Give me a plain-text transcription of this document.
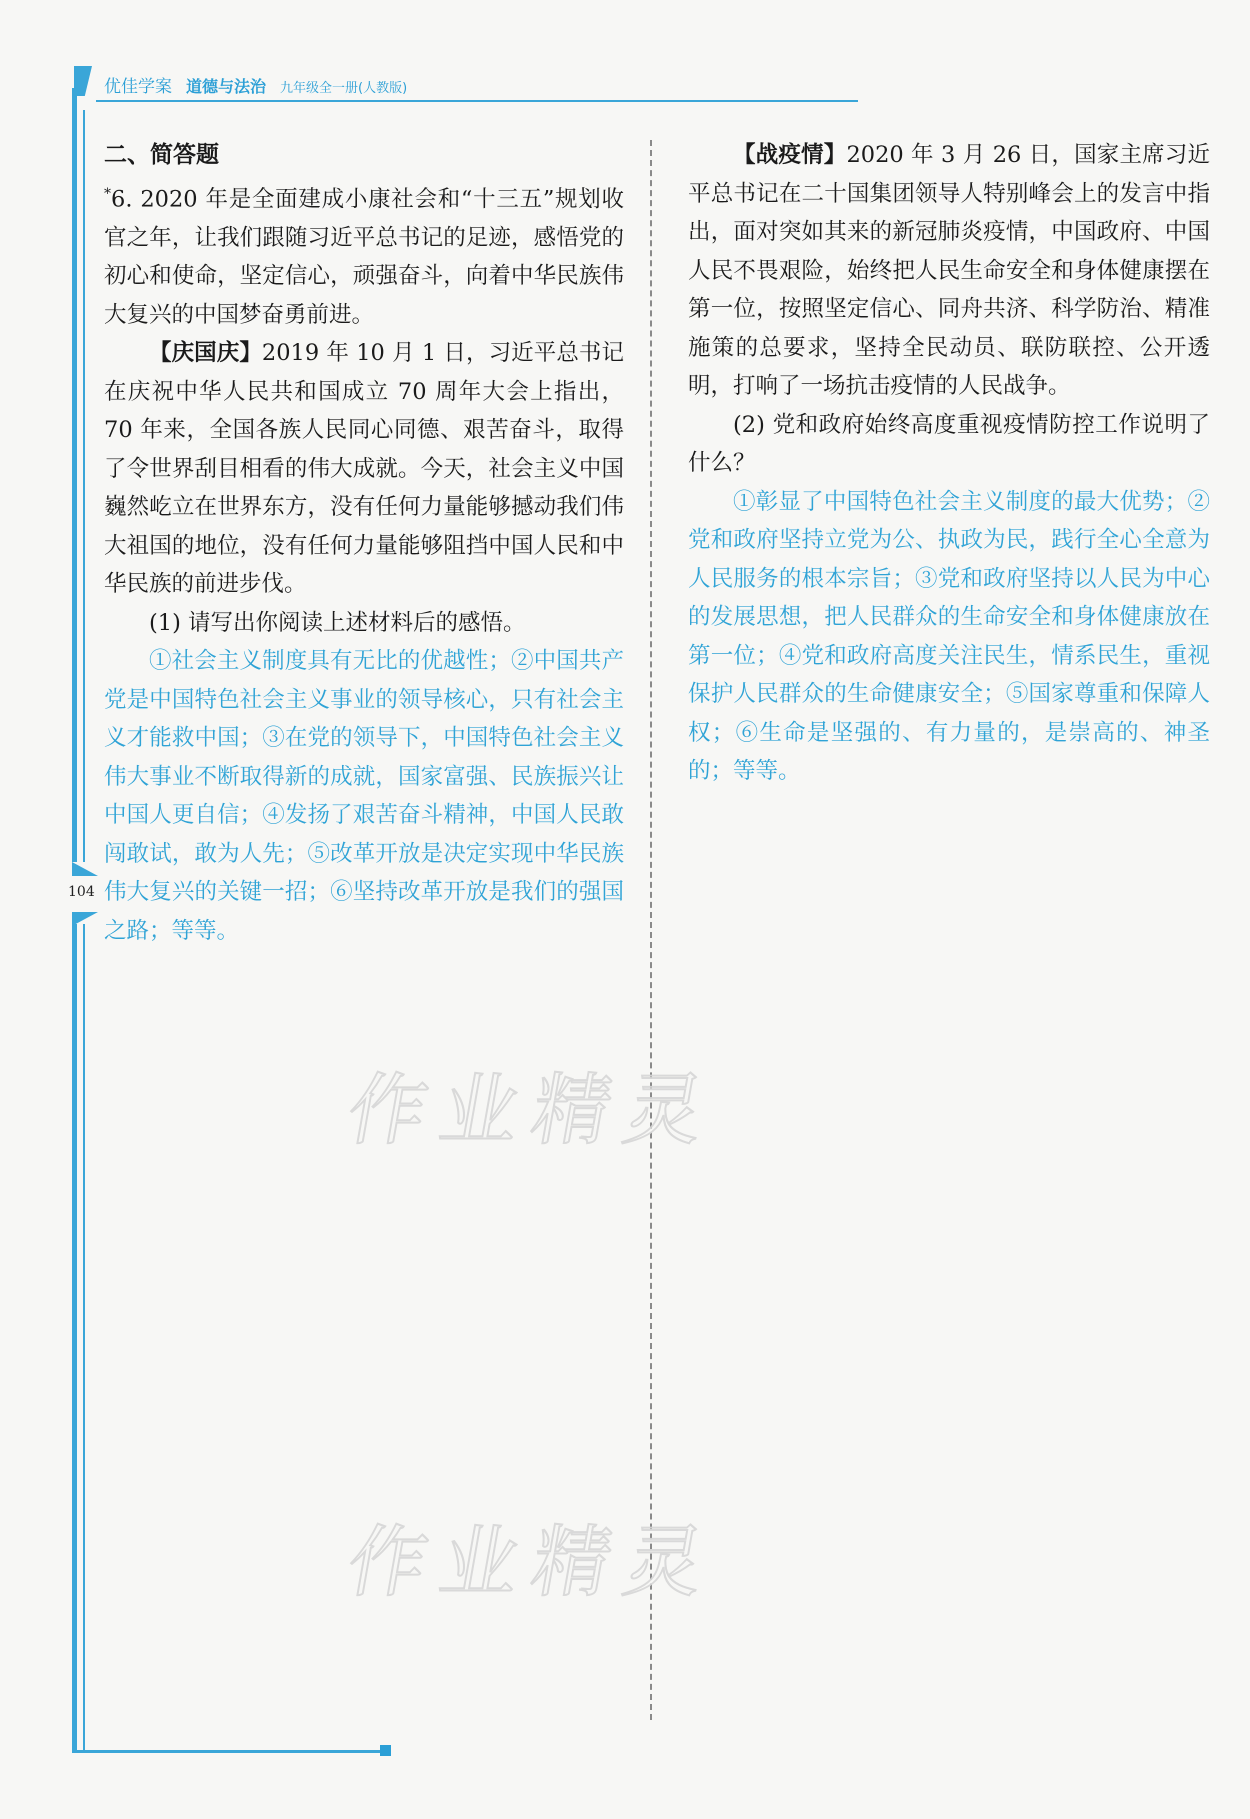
优佳学案 道德与法治 九年级全一册(人教版)
104
作业精灵
作业精灵

二、简答题

*6. 2020 年是全面建成小康社会和“十三五”规划收官之年，让我们跟随习近平总书记的足迹，感悟党的初心和使命，坚定信心，顽强奋斗，向着中华民族伟大复兴的中国梦奋勇前进。

【庆国庆】2019 年 10 月 1 日，习近平总书记在庆祝中华人民共和国成立 70 周年大会上指出，70 年来，全国各族人民同心同德、艰苦奋斗，取得了令世界刮目相看的伟大成就。今天，社会主义中国巍然屹立在世界东方，没有任何力量能够撼动我们伟大祖国的地位，没有任何力量能够阻挡中国人民和中华民族的前进步伐。

(1) 请写出你阅读上述材料后的感悟。

①社会主义制度具有无比的优越性；②中国共产党是中国特色社会主义事业的领导核心，只有社会主义才能救中国；③在党的领导下，中国特色社会主义伟大事业不断取得新的成就，国家富强、民族振兴让中国人更自信；④发扬了艰苦奋斗精神，中国人民敢闯敢试，敢为人先；⑤改革开放是决定实现中华民族伟大复兴的关键一招；⑥坚持改革开放是我们的强国之路；等等。

【战疫情】2020 年 3 月 26 日，国家主席习近平总书记在二十国集团领导人特别峰会上的发言中指出，面对突如其来的新冠肺炎疫情，中国政府、中国人民不畏艰险，始终把人民生命安全和身体健康摆在第一位，按照坚定信心、同舟共济、科学防治、精准施策的总要求，坚持全民动员、联防联控、公开透明，打响了一场抗击疫情的人民战争。

(2) 党和政府始终高度重视疫情防控工作说明了什么？

①彰显了中国特色社会主义制度的最大优势；②党和政府坚持立党为公、执政为民，践行全心全意为人民服务的根本宗旨；③党和政府坚持以人民为中心的发展思想，把人民群众的生命安全和身体健康放在第一位；④党和政府高度关注民生，情系民生，重视保护人民群众的生命健康安全；⑤国家尊重和保障人权；⑥生命是坚强的、有力量的，是崇高的、神圣的；等等。
